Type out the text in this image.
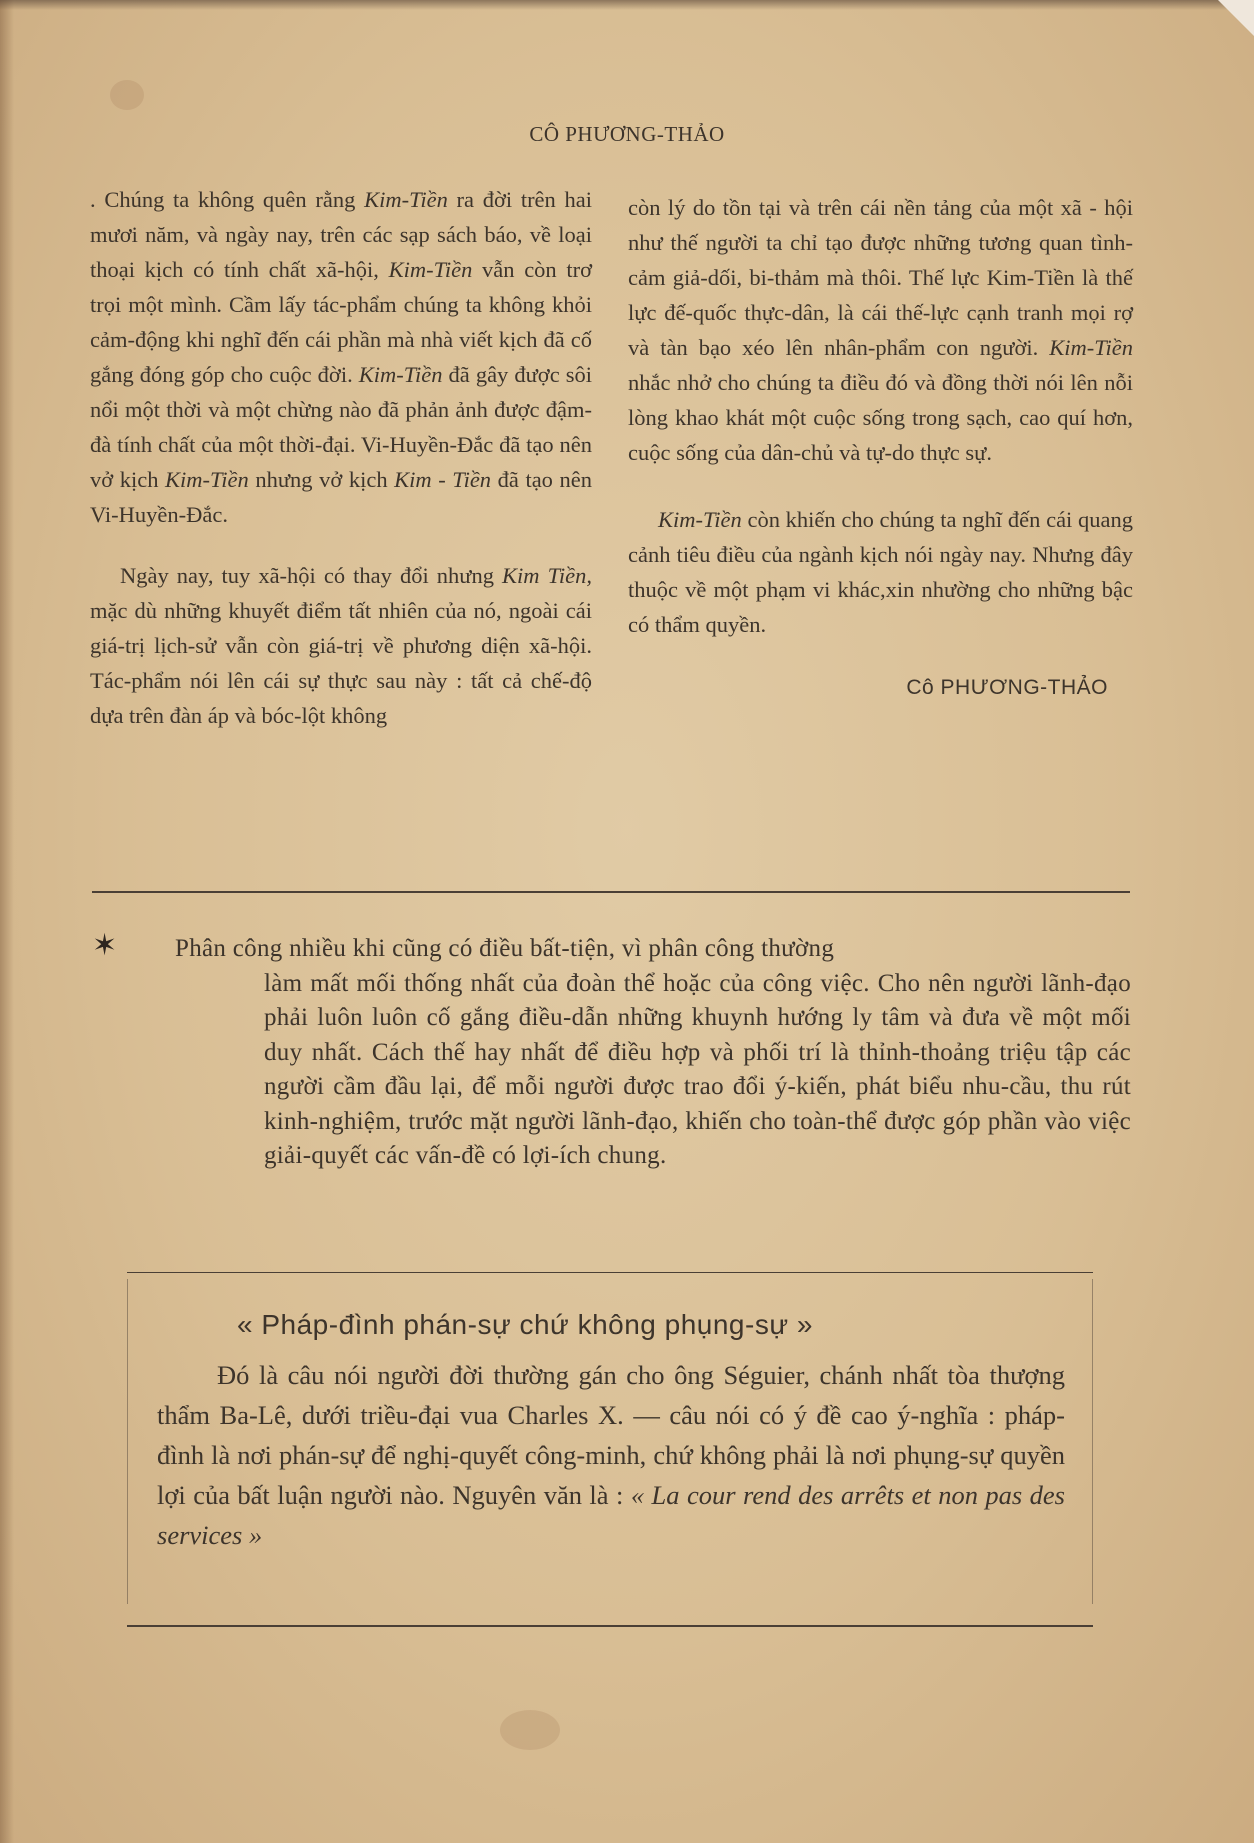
CÔ PHƯƠNG-THẢO

. Chúng ta không quên rằng Kim-Tiền ra đời trên hai mươi năm, và ngày nay, trên các sạp sách báo, về loại thoại kịch có tính chất xã-hội, Kim-Tiền vẫn còn trơ trọi một mình. Cầm lấy tác-phẩm chúng ta không khỏi cảm-động khi nghĩ đến cái phần mà nhà viết kịch đã cố gắng đóng góp cho cuộc đời. Kim-Tiền đã gây được sôi nổi một thời và một chừng nào đã phản ảnh được đậm-đà tính chất của một thời-đại. Vi-Huyền-Đắc đã tạo nên vở kịch Kim-Tiền nhưng vở kịch Kim - Tiền đã tạo nên Vi-Huyền-Đắc.

Ngày nay, tuy xã-hội có thay đổi nhưng Kim Tiền, mặc dù những khuyết điểm tất nhiên của nó, ngoài cái giá-trị lịch-sử vẫn còn giá-trị về phương diện xã-hội. Tác-phẩm nói lên cái sự thực sau này : tất cả chế-độ dựa trên đàn áp và bóc-lột không

còn lý do tồn tại và trên cái nền tảng của một xã - hội như thế người ta chỉ tạo được những tương quan tình-cảm giả-dối, bi-thảm mà thôi. Thế lực Kim-Tiền là thế lực đế-quốc thực-dân, là cái thế-lực cạnh tranh mọi rợ và tàn bạo xéo lên nhân-phẩm con người. Kim-Tiền nhắc nhở cho chúng ta điều đó và đồng thời nói lên nỗi lòng khao khát một cuộc sống trong sạch, cao quí hơn, cuộc sống của dân-chủ và tự-do thực sự.

Kim-Tiền còn khiến cho chúng ta nghĩ đến cái quang cảnh tiêu điều của ngành kịch nói ngày nay. Nhưng đây thuộc về một phạm vi khác,xin nhường cho những bậc có thẩm quyền.

Cô PHƯƠNG-THẢO
✶ Phân công nhiều khi cũng có điều bất-tiện, vì phân công thường
làm mất mối thống nhất của đoàn thể hoặc của công việc. Cho nên người lãnh-đạo phải luôn luôn cố gắng điều-dẫn những khuynh hướng ly tâm và đưa về một mối duy nhất. Cách thế hay nhất để điều hợp và phối trí là thỉnh-thoảng triệu tập các người cầm đầu lại, để mỗi người được trao đổi ý-kiến, phát biểu nhu-cầu, thu rút kinh-nghiệm, trước mặt người lãnh-đạo, khiến cho toàn-thể được góp phần vào việc giải-quyết các vấn-đề có lợi-ích chung.
« Pháp-đình phán-sự chứ không phụng-sự »
Đó là câu nói người đời thường gán cho ông Séguier, chánh nhất tòa thượng thẩm Ba-Lê, dưới triều-đại vua Charles X. — câu nói có ý đề cao ý-nghĩa : pháp-đình là nơi phán-sự để nghị-quyết công-minh, chứ không phải là nơi phụng-sự quyền lợi của bất luận người nào. Nguyên văn là : « La cour rend des arrêts et non pas des services »
